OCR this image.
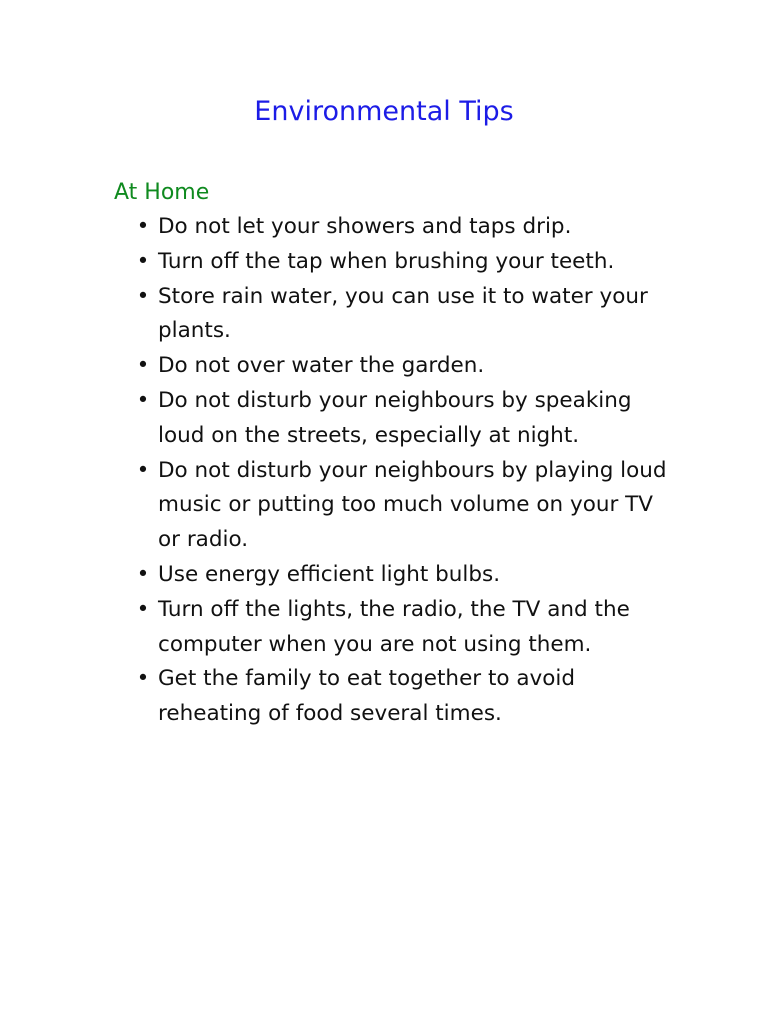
Environmental Tips
At Home
• Do not let your showers and taps drip.
• Turn off the tap when brushing your teeth.
• Store rain water, you can use it to water your plants.
• Do not over water the garden.
• Do not disturb your neighbours by speaking loud on the streets, especially at night.
• Do not disturb your neighbours by playing loud music or putting too much volume on your TV or radio.
• Use energy efficient light bulbs.
• Turn off the lights, the radio, the TV and the computer when you are not using them.
• Get the family to eat together to avoid reheating of food several times.
